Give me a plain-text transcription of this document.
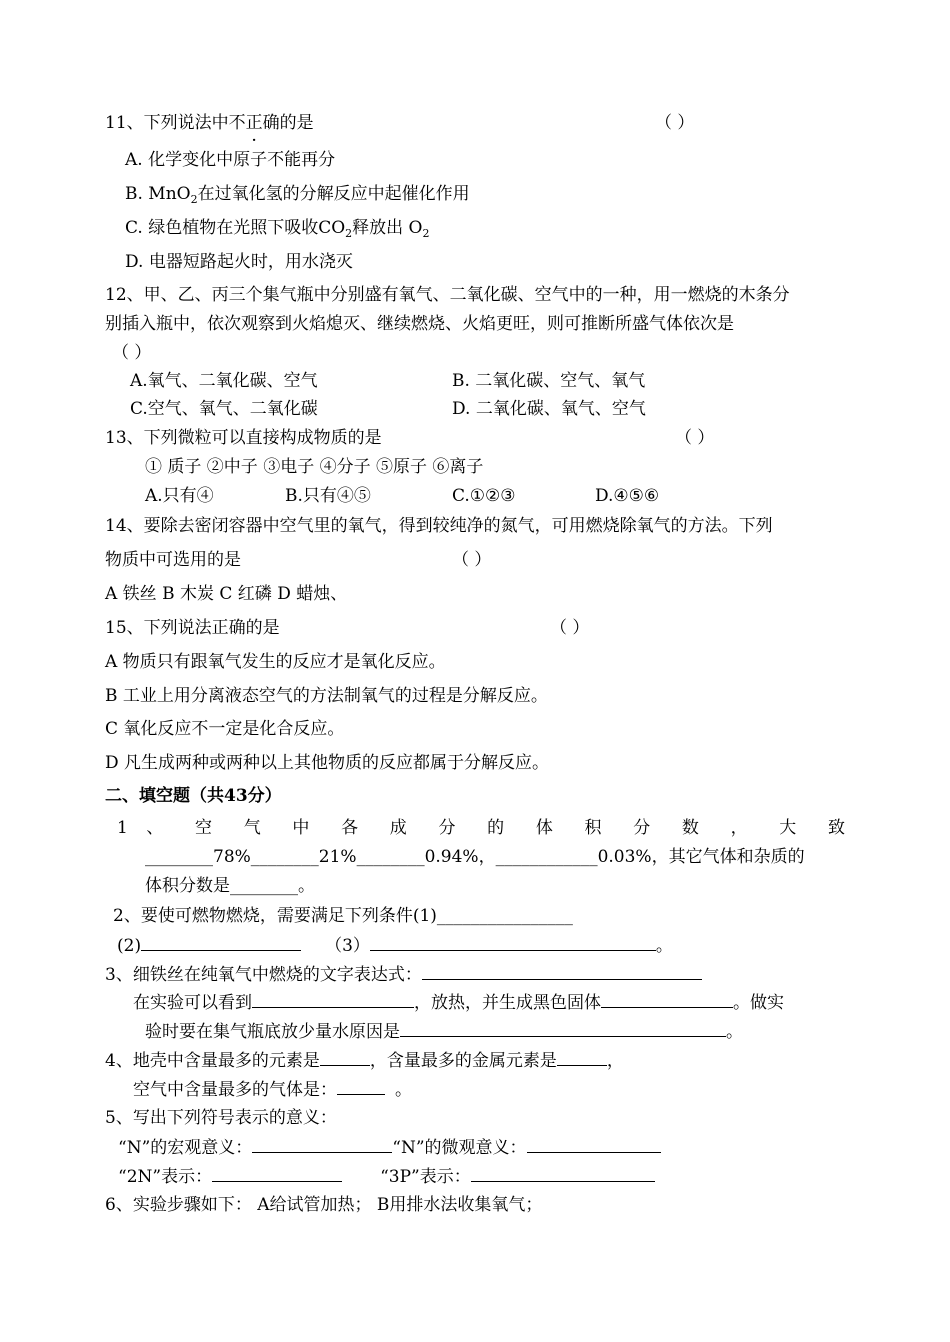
11、下列说法中不正确的是	（ ）
A. 化学变化中原子不能再分
B. MnO$_2$在过氧化氢的分解反应中起催化作用
C. 绿色植物在光照下吸收$CO_2$释放出 $O_2$
D. 电器短路起火时，用水浇灭
12、甲、乙、丙三个集气瓶中分别盛有氧气、二氧化碳、空气中的一种，用一燃烧的木条分
别插入瓶中，依次观察到火焰熄灭、继续燃烧、火焰更旺，则可推断所盛气体依次是
（ ）
A.氧气、二氧化碳、空气	B. 二氧化碳、空气、氧气
C.空气、氧气、二氧化碳	D. 二氧化碳、氧气、空气
13、下列微粒可以直接构成物质的是	（ ）
① 质子 ②中子 ③电子 ④分子 ⑤原子 ⑥离子
A.只有④	B.只有④⑤	C.①②③	D.④⑤⑥
14、要除去密闭容器中空气里的氧气，得到较纯净的氮气，可用燃烧除氧气的方法。下列
物质中可选用的是	（ ）
A 铁丝 B 木炭 C 红磷 D 蜡烛、
15、下列说法正确的是	（ ）
A 物质只有跟氧气发生的反应才是氧化反应。
B 工业上用分离液态空气的方法制氧气的过程是分解反应。
C 氧化反应不一定是化合反应。
D 凡生成两种或两种以上其他物质的反应都属于分解反应。
二、填空题（共43分）
1 、 空 气 中 各 成 分 的 体 积 分 数 ， 大 致
________78%________21%________0.94%，____________0.03%，其它气体和杂质的
体积分数是________。
2、要使可燃物燃烧，需要满足下列条件(1)________________
(2)	（3）	。
3、细铁丝在纯氧气中燃烧的文字表达式：
在实验可以看到	，放热，并生成黑色固体	。做实
验时要在集气瓶底放少量水原因是	。
4、地壳中含量最多的元素是	，含量最多的金属元素是	，
空气中含量最多的气体是：	。
5、写出下列符号表示的意义：
“N”的宏观意义：	“N”的微观意义：
“2N”表示：	“3P”表示：
6、实验步骤如下： A给试管加热； B用排水法收集氧气；
